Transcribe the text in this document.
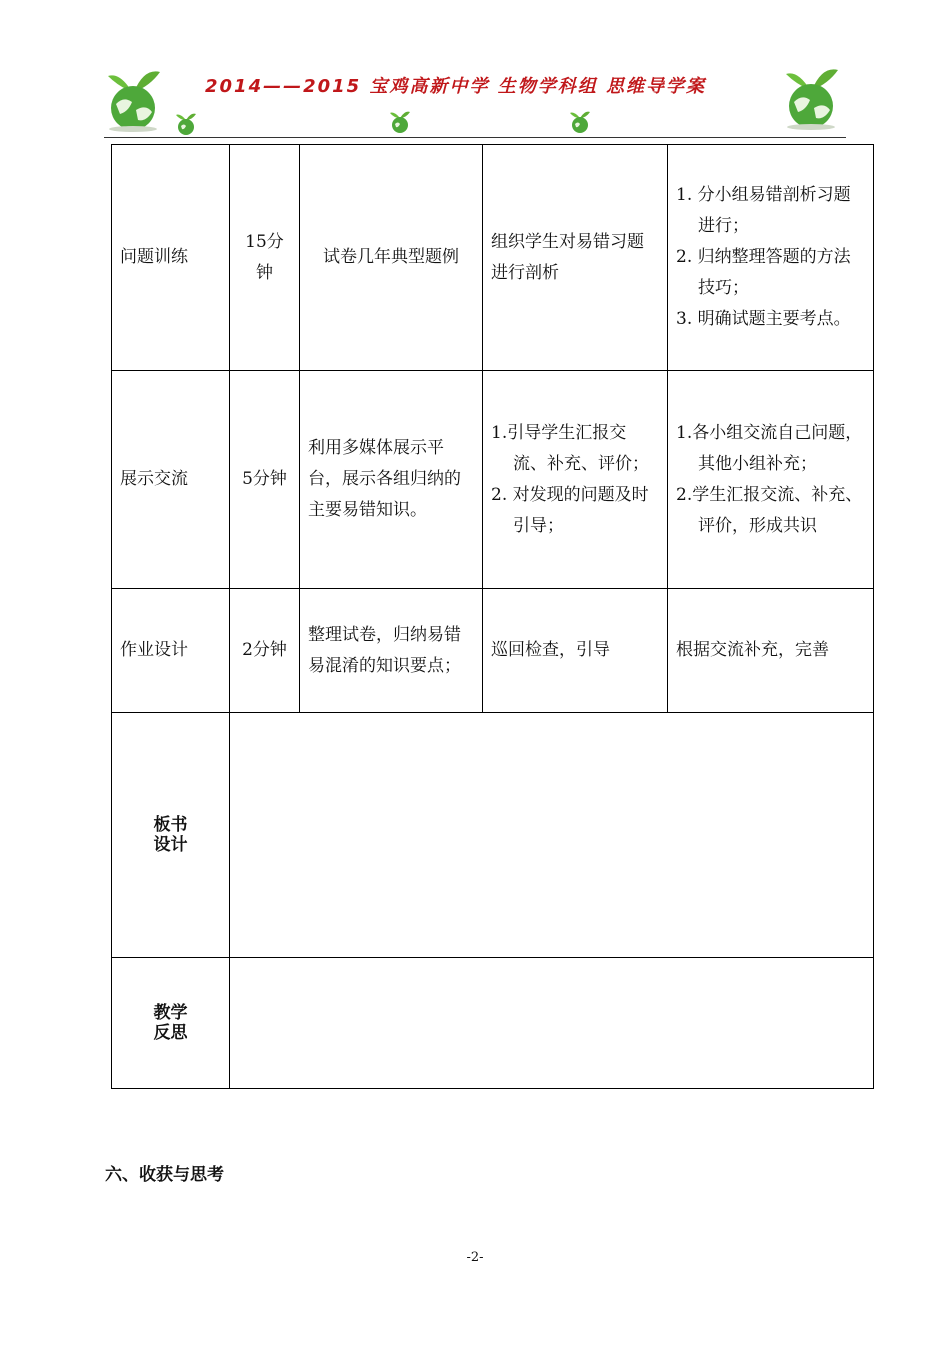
2014——2015 宝鸡高新中学 生物学科组 思维导学案
问题训练	15分钟	试卷几年典型题例	组织学生对易错习题进行剖析	1. 分小组易错剖析习题进行；
2. 归纳整理答题的方法技巧；
3. 明确试题主要考点。

展示交流	5分钟	利用多媒体展示平台，展示各组归纳的主要易错知识。	1.引导学生汇报交流、补充、评价；
2. 对发现的问题及时引导；	1.各小组交流自己问题，其他小组补充；
2.学生汇报交流、补充、评价，形成共识

作业设计	2分钟	整理试卷，归纳易错易混淆的知识要点；	巡回检查，引导	根据交流补充，完善

板书
设计				

教学
反思				

六、收获与思考
-2-
